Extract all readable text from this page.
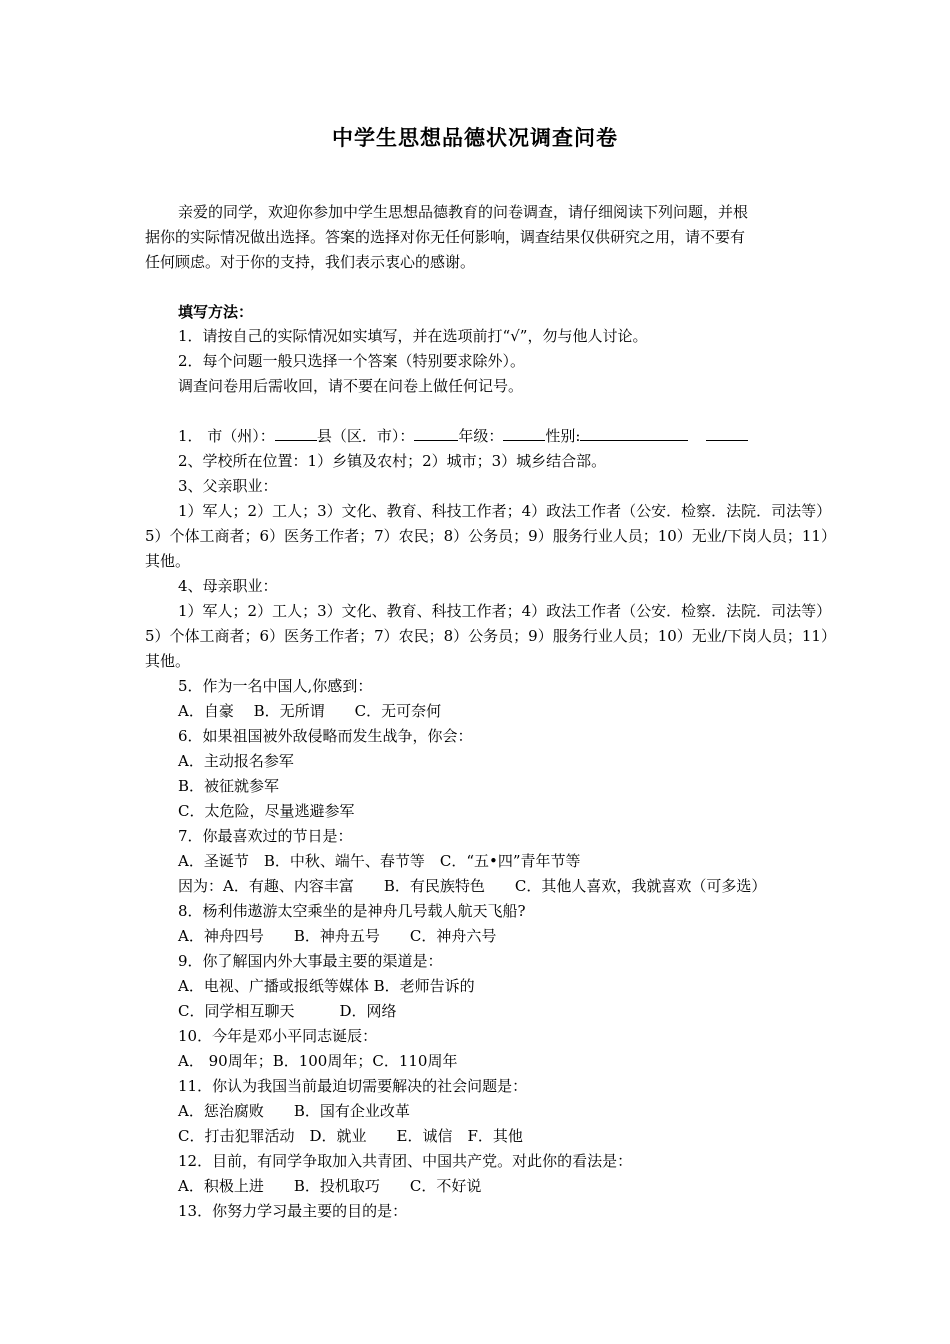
中学生思想品德状况调查问卷
亲爱的同学，欢迎你参加中学生思想品德教育的问卷调查，请仔细阅读下列问题，并根
据你的实际情况做出选择。答案的选择对你无任何影响，调查结果仅供研究之用，请不要有
任何顾虑。对于你的支持，我们表示衷心的感谢。
填写方法：
1．请按自己的实际情况如实填写，并在选项前打“√”，勿与他人讨论。
2．每个问题一般只选择一个答案（特别要求除外）。
调查问卷用后需收回，请不要在问卷上做任何记号。
1． 市（州）：	县（区．市）：	年级：	性别:
2、学校所在位置：1）乡镇及农村；2）城市；3）城乡结合部。
3、父亲职业：
1）军人；2）工人；3）文化、教育、科技工作者；4）政法工作者（公安．检察．法院．司法等）
5）个体工商者；6）医务工作者；7）农民；8）公务员；9）服务行业人员；10）无业/下岗人员；11）
其他。
4、母亲职业：
1）军人；2）工人；3）文化、教育、科技工作者；4）政法工作者（公安．检察．法院．司法等）
5）个体工商者；6）医务工作者；7）农民；8）公务员；9）服务行业人员；10）无业/下岗人员；11）
其他。
5．作为一名中国人,你感到：
A．自豪　 B．无所谓　　C．无可奈何
6．如果祖国被外敌侵略而发生战争，你会：
A．主动报名参军
B．被征就参军
C．太危险，尽量逃避参军
7．你最喜欢过的节日是：
A．圣诞节　B．中秋、端午、春节等　C．“五•四”青年节等
因为：A．有趣、内容丰富　　B．有民族特色　　C．其他人喜欢，我就喜欢（可多选）
8．杨利伟遨游太空乘坐的是神舟几号载人航天飞船?
A．神舟四号　　B．神舟五号　　C．神舟六号
9．你了解国内外大事最主要的渠道是：
A．电视、广播或报纸等媒体 B．老师告诉的
C．同学相互聊天　　　D．网络
10．今年是邓小平同志诞辰：
A． 90周年；B．100周年；C．110周年
11．你认为我国当前最迫切需要解决的社会问题是：
A．惩治腐败　　B．国有企业改革
C．打击犯罪活动　D．就业　　E．诚信　F．其他
12．目前，有同学争取加入共青团、中国共产党。对此你的看法是：
A．积极上进　　B．投机取巧　　C．不好说
13．你努力学习最主要的目的是：
